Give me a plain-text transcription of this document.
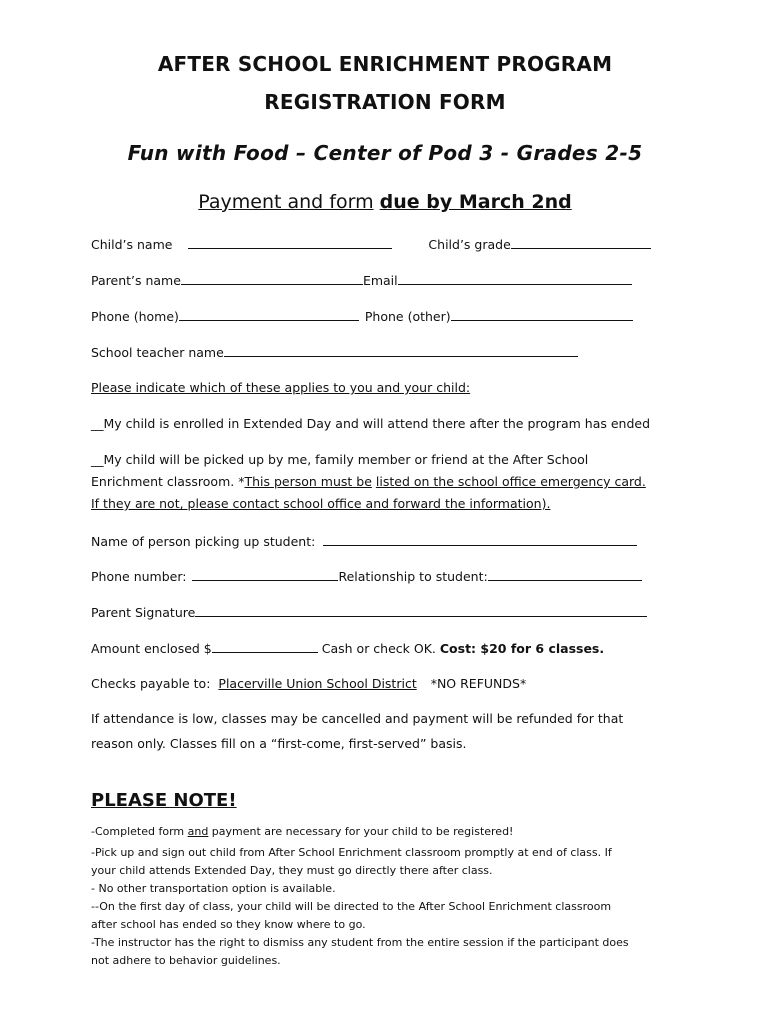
AFTER SCHOOL ENRICHMENT PROGRAM
REGISTRATION FORM
Fun with Food – Center of Pod 3 - Grades 2-5
Payment and form due by March 2nd
Child’s name	Child’s grade
Parent’s name	Email
Phone (home)	Phone (other)
School teacher name
Please indicate which of these applies to you and your child:
__My child is enrolled in Extended Day and will attend there after the program has ended
__My child will be picked up by me, family member or friend at the After School
Enrichment classroom. *This person must be listed on the school office emergency card.
If they are not, please contact school office and forward the information).
Name of person picking up student:
Phone number:	Relationship to student:
Parent Signature
Amount enclosed $	Cash or check OK. Cost: $20 for 6 classes.
Checks payable to: Placerville Union School District *NO REFUNDS*
If attendance is low, classes may be cancelled and payment will be refunded for that
reason only. Classes fill on a “first-come, first-served” basis.
PLEASE NOTE!
-Completed form and payment are necessary for your child to be registered!
-Pick up and sign out child from After School Enrichment classroom promptly at end of class. If
your child attends Extended Day, they must go directly there after class.
- No other transportation option is available.
--On the first day of class, your child will be directed to the After School Enrichment classroom
after school has ended so they know where to go.
-The instructor has the right to dismiss any student from the entire session if the participant does
not adhere to behavior guidelines.
